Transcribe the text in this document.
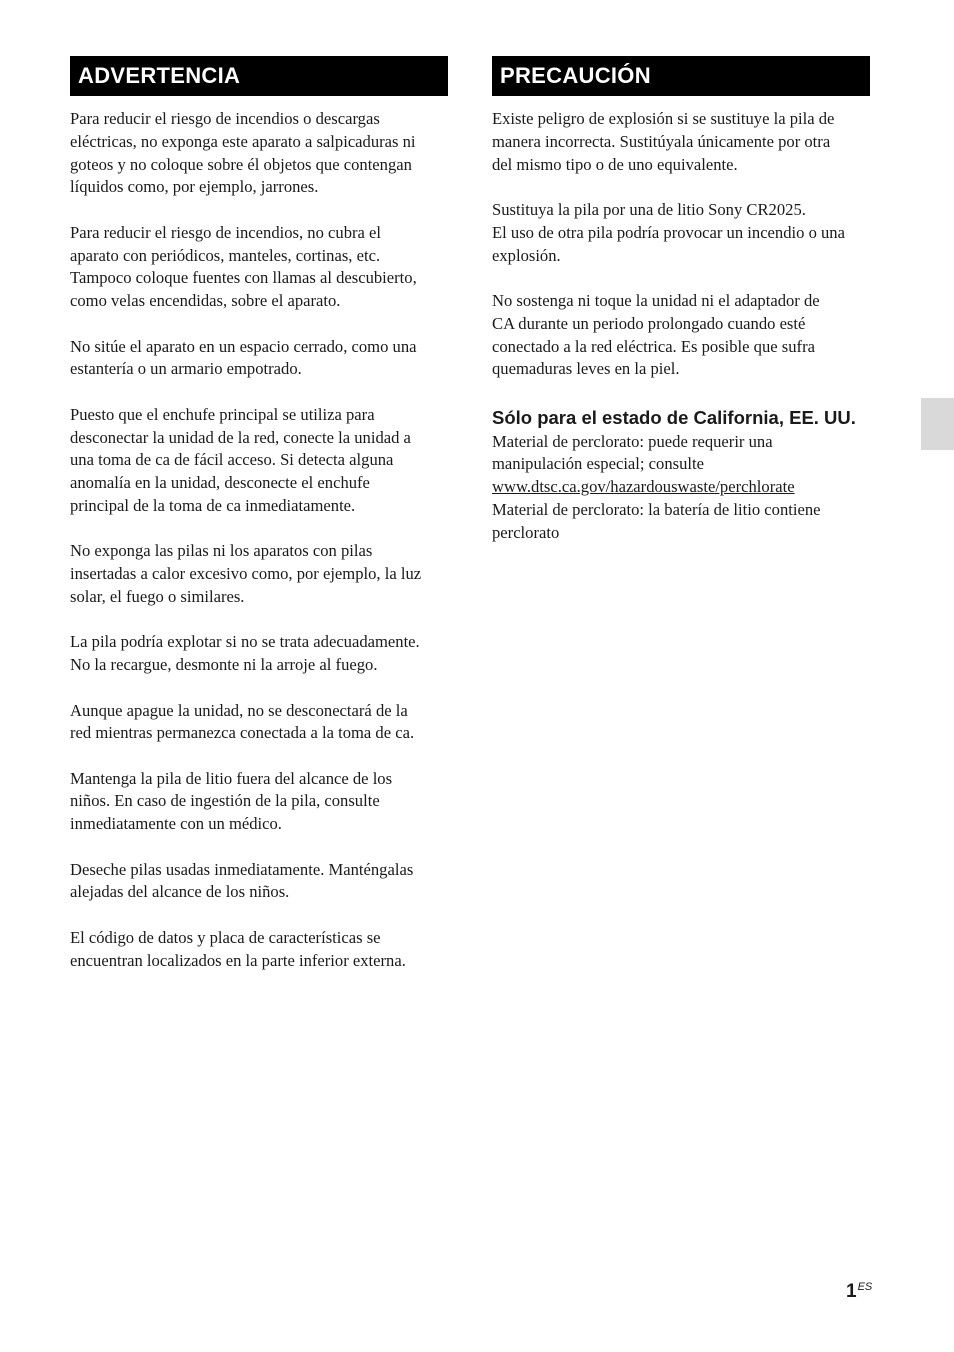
ADVERTENCIA

Para reducir el riesgo de incendios o descargas
eléctricas, no exponga este aparato a salpicaduras ni
goteos y no coloque sobre él objetos que contengan
líquidos como, por ejemplo, jarrones.

Para reducir el riesgo de incendios, no cubra el
aparato con periódicos, manteles, cortinas, etc.
Tampoco coloque fuentes con llamas al descubierto,
como velas encendidas, sobre el aparato.

No sitúe el aparato en un espacio cerrado, como una
estantería o un armario empotrado.

Puesto que el enchufe principal se utiliza para
desconectar la unidad de la red, conecte la unidad a
una toma de ca de fácil acceso. Si detecta alguna
anomalía en la unidad, desconecte el enchufe
principal de la toma de ca inmediatamente.

No exponga las pilas ni los aparatos con pilas
insertadas a calor excesivo como, por ejemplo, la luz
solar, el fuego o similares.

La pila podría explotar si no se trata adecuadamente.
No la recargue, desmonte ni la arroje al fuego.

Aunque apague la unidad, no se desconectará de la
red mientras permanezca conectada a la toma de ca.

Mantenga la pila de litio fuera del alcance de los
niños. En caso de ingestión de la pila, consulte
inmediatamente con un médico.

Deseche pilas usadas inmediatamente. Manténgalas
alejadas del alcance de los niños.

El código de datos y placa de características se
encuentran localizados en la parte inferior externa.

PRECAUCIÓN

Existe peligro de explosión si se sustituye la pila de
manera incorrecta. Sustitúyala únicamente por otra
del mismo tipo o de uno equivalente.

Sustituya la pila por una de litio Sony CR2025.
El uso de otra pila podría provocar un incendio o una
explosión.

No sostenga ni toque la unidad ni el adaptador de
CA durante un periodo prolongado cuando esté
conectado a la red eléctrica. Es posible que sufra
quemaduras leves en la piel.

Sólo para el estado de California, EE. UU.
Material de perclorato: puede requerir una
manipulación especial; consulte
www.dtsc.ca.gov/hazardouswaste/perchlorate
Material de perclorato: la batería de litio contiene
perclorato
$1^{ES}$
